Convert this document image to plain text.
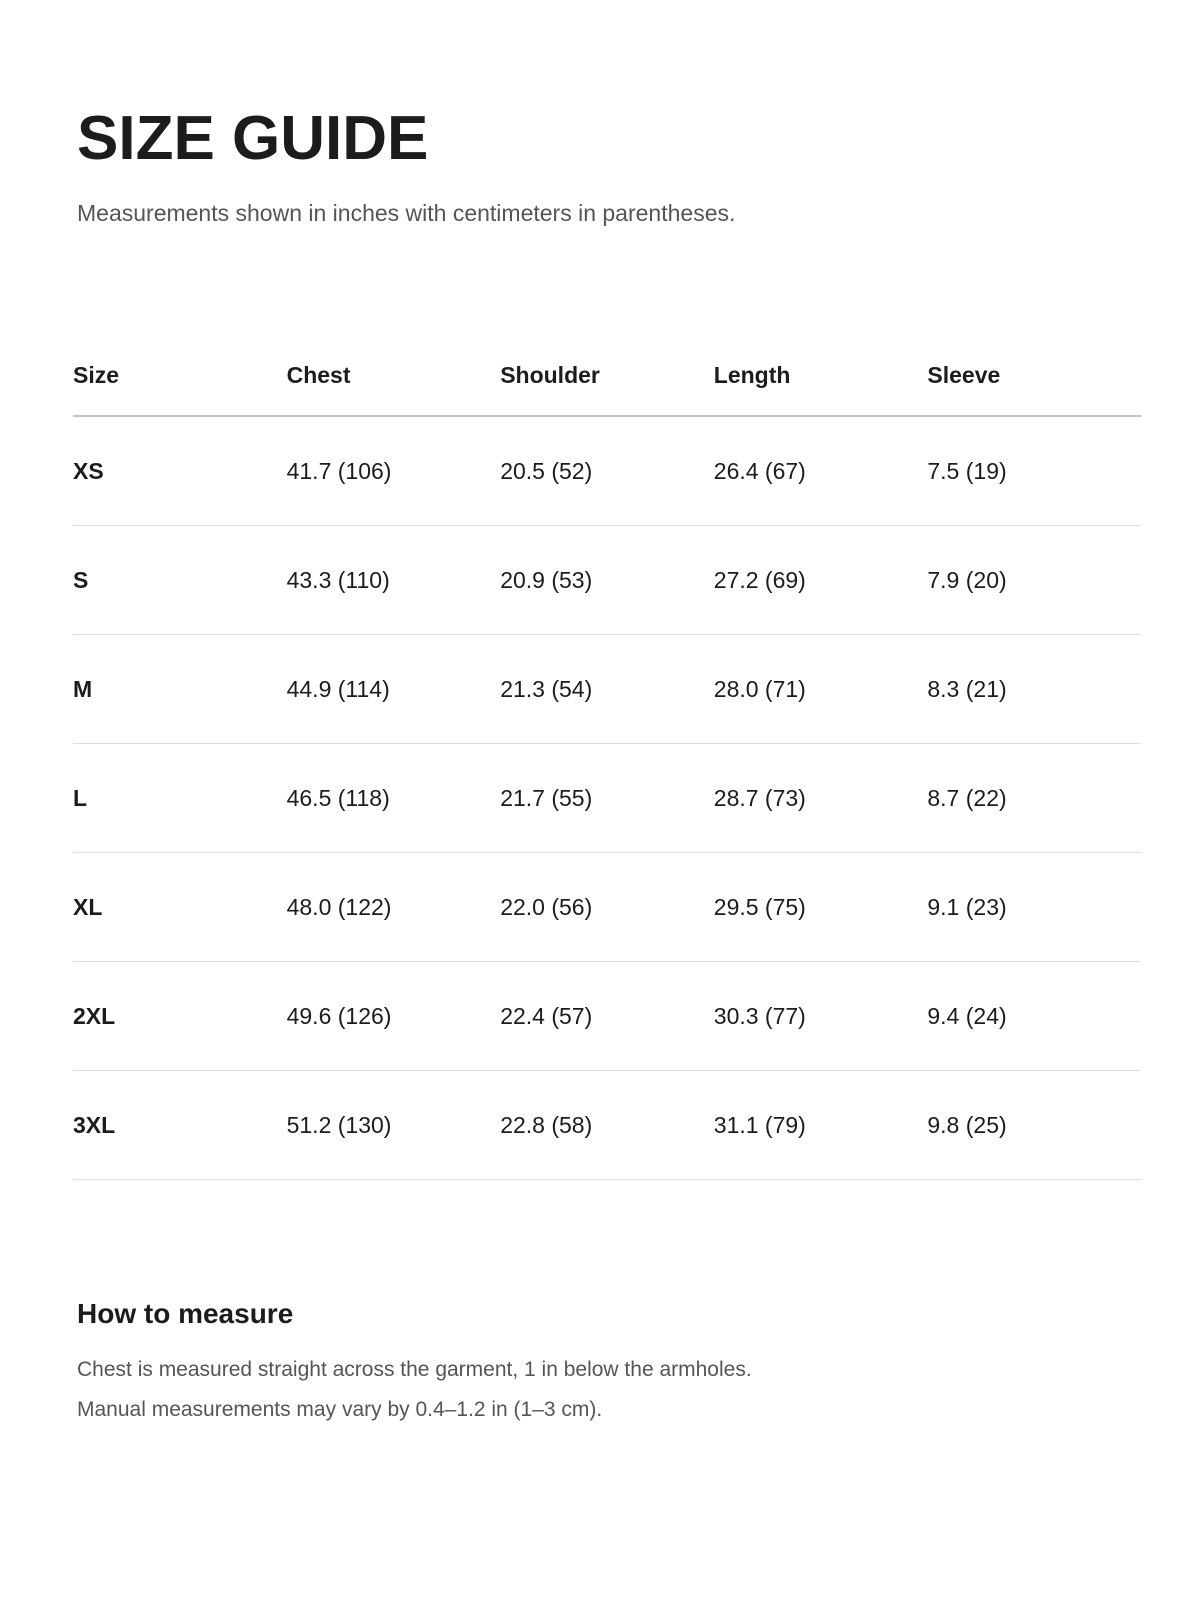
SIZE GUIDE

Measurements shown in inches with centimeters in parentheses.

Size	Chest	Shoulder	Length	Sleeve
XS	41.7 (106)	20.5 (52)	26.4 (67)	7.5 (19)
S	43.3 (110)	20.9 (53)	27.2 (69)	7.9 (20)
M	44.9 (114)	21.3 (54)	28.0 (71)	8.3 (21)
L	46.5 (118)	21.7 (55)	28.7 (73)	8.7 (22)
XL	48.0 (122)	22.0 (56)	29.5 (75)	9.1 (23)
2XL	49.6 (126)	22.4 (57)	30.3 (77)	9.4 (24)
3XL	51.2 (130)	22.8 (58)	31.1 (79)	9.8 (25)
How to measure
Chest is measured straight across the garment, 1 in below the armholes.
Manual measurements may vary by 0.4–1.2 in (1–3 cm).
